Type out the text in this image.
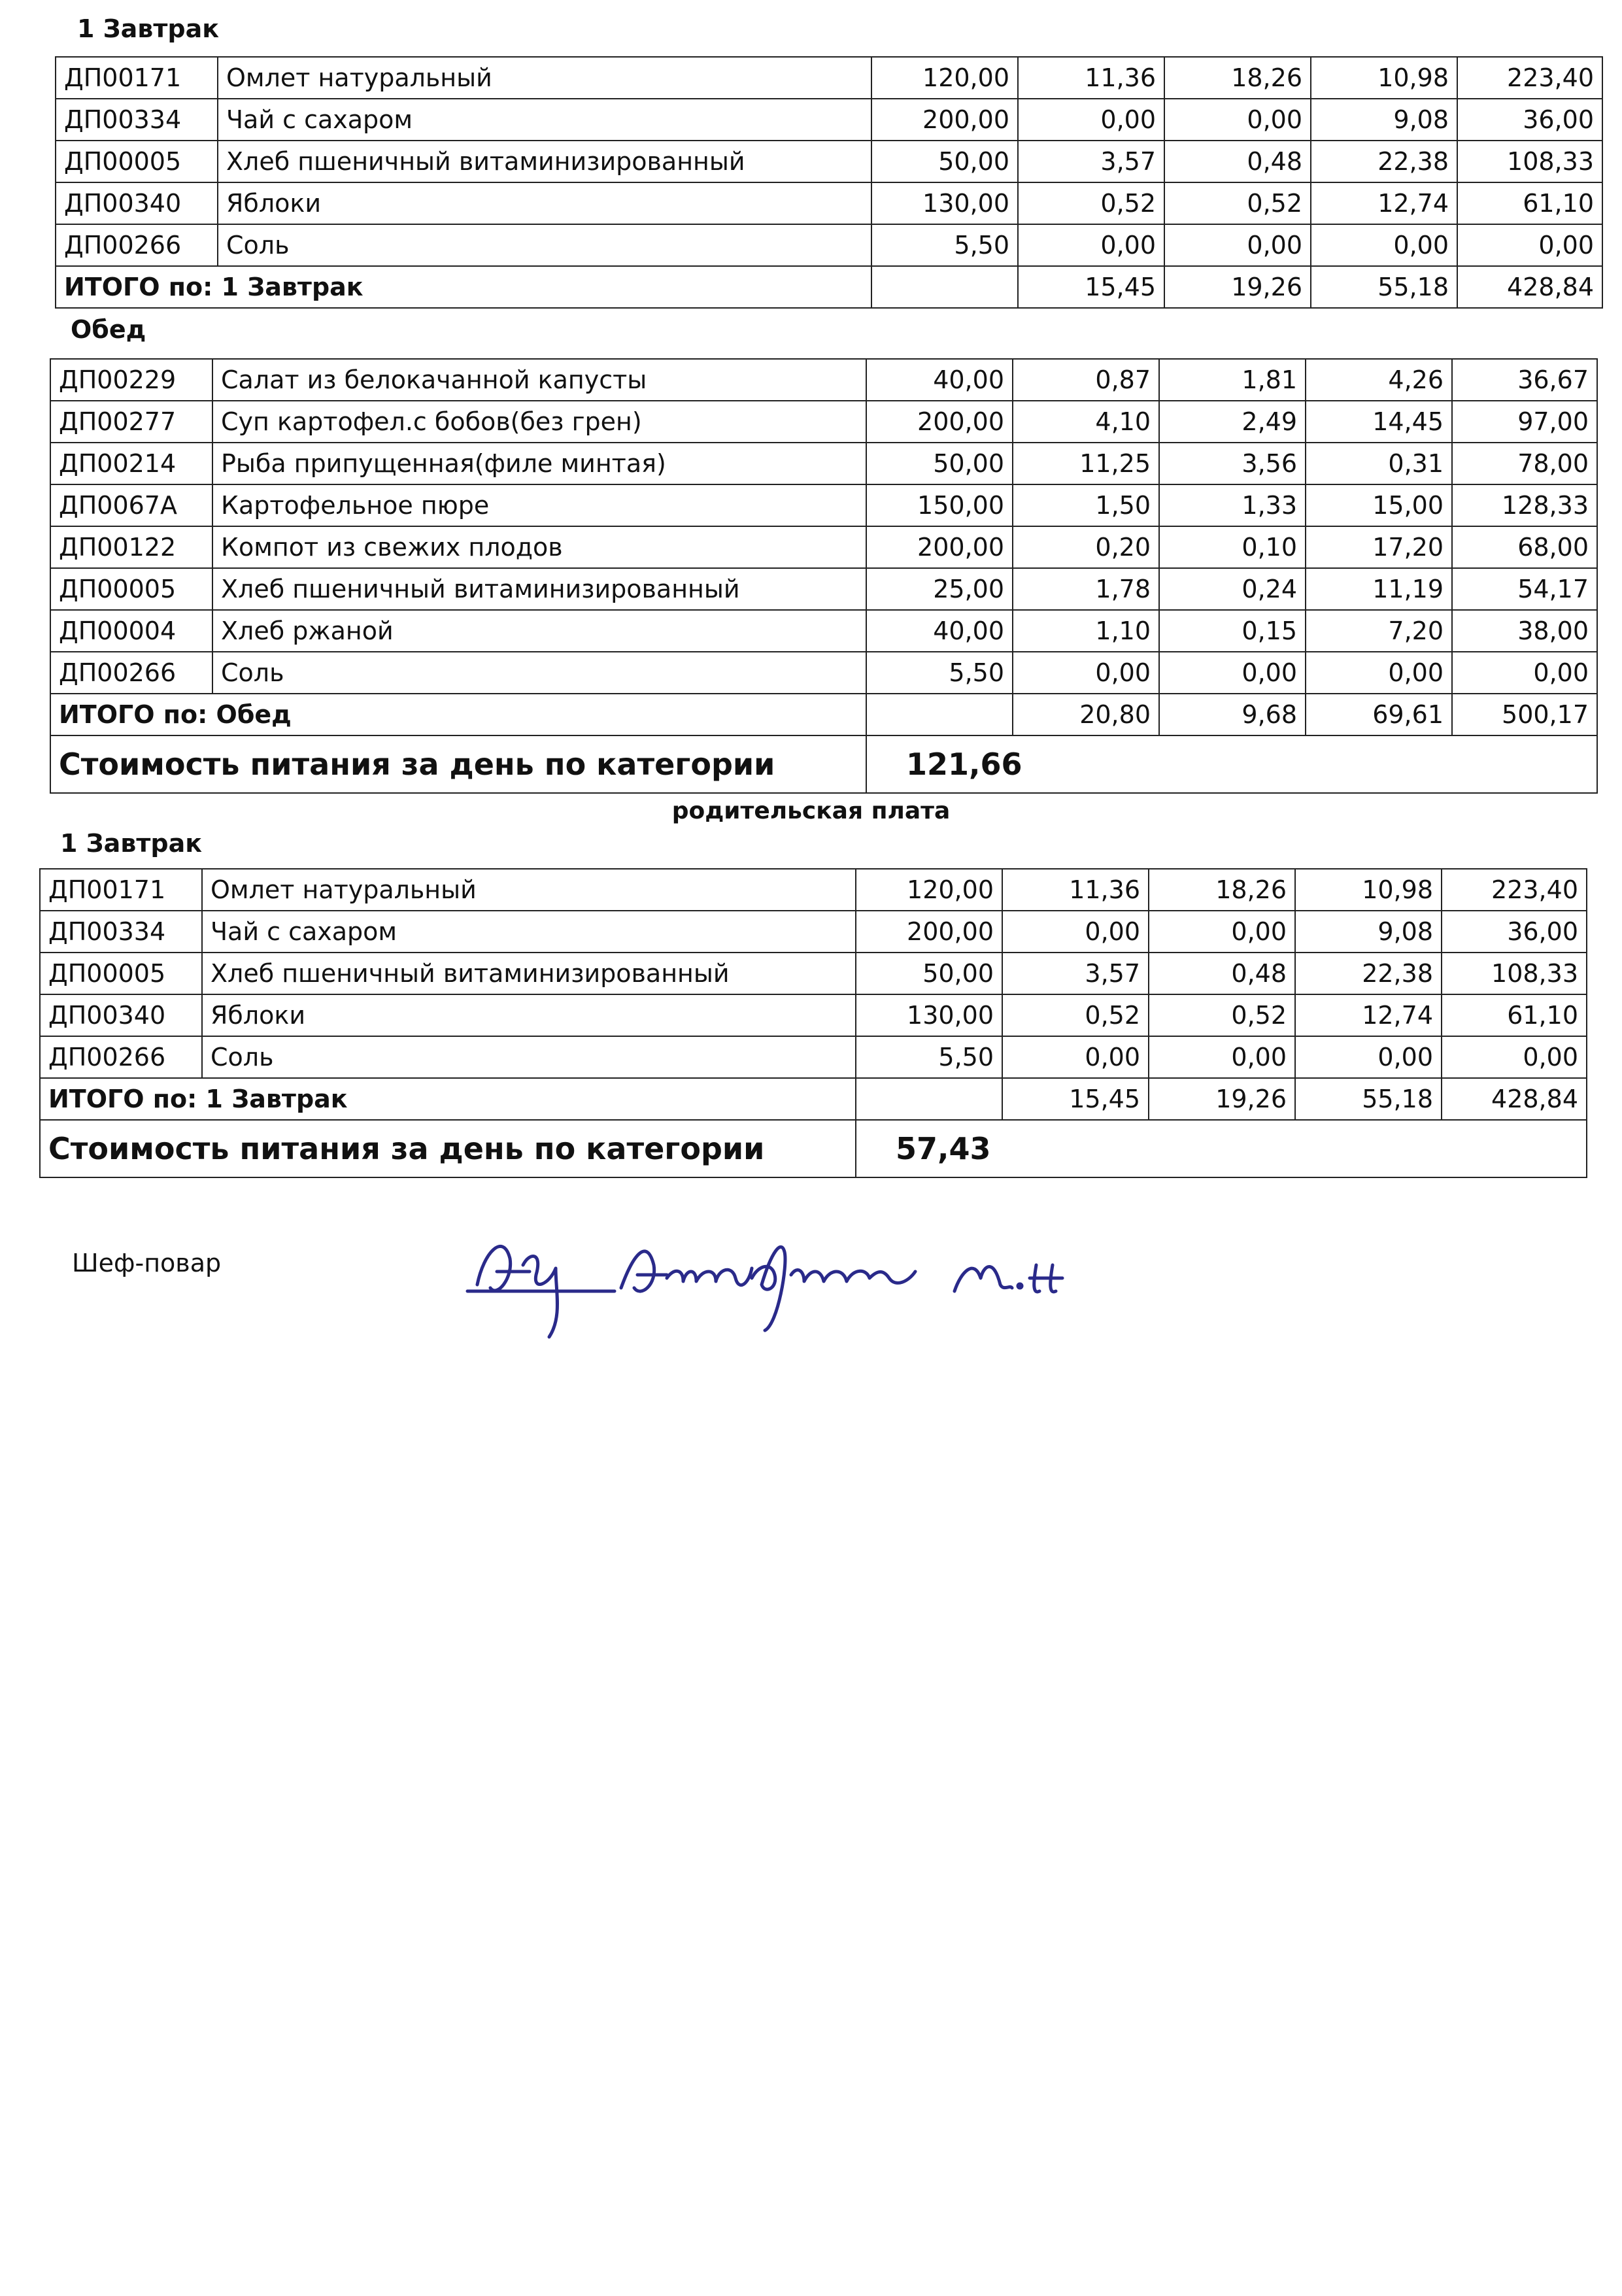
1 Завтрак
ДП00171	Омлет натуральный	120,00	11,36	18,26	10,98	223,40
ДП00334	Чай с сахаром	200,00	0,00	0,00	9,08	36,00
ДП00005	Хлеб пшеничный витаминизированный	50,00	3,57	0,48	22,38	108,33
ДП00340	Яблоки	130,00	0,52	0,52	12,74	61,10
ДП00266	Соль	5,50	0,00	0,00	0,00	0,00
ИТОГО по: 1 Завтрак			15,45	19,26	55,18	428,84
Обед
ДП00229	Салат из белокачанной капусты	40,00	0,87	1,81	4,26	36,67
ДП00277	Суп картофел.с бобов(без грен)	200,00	4,10	2,49	14,45	97,00
ДП00214	Рыба припущенная(филе минтая)	50,00	11,25	3,56	0,31	78,00
ДП0067А	Картофельное пюре	150,00	1,50	1,33	15,00	128,33
ДП00122	Компот из свежих плодов	200,00	0,20	0,10	17,20	68,00
ДП00005	Хлеб пшеничный витаминизированный	25,00	1,78	0,24	11,19	54,17
ДП00004	Хлеб ржаной	40,00	1,10	0,15	7,20	38,00
ДП00266	Соль	5,50	0,00	0,00	0,00	0,00
ИТОГО по: Обед			20,80	9,68	69,61	500,17
Стоимость питания за день по категории		121,66				
родительская плата
1 Завтрак
ДП00171	Омлет натуральный	120,00	11,36	18,26	10,98	223,40
ДП00334	Чай с сахаром	200,00	0,00	0,00	9,08	36,00
ДП00005	Хлеб пшеничный витаминизированный	50,00	3,57	0,48	22,38	108,33
ДП00340	Яблоки	130,00	0,52	0,52	12,74	61,10
ДП00266	Соль	5,50	0,00	0,00	0,00	0,00
ИТОГО по: 1 Завтрак			15,45	19,26	55,18	428,84
Стоимость питания за день по категории		57,43				
Шеф-повар
